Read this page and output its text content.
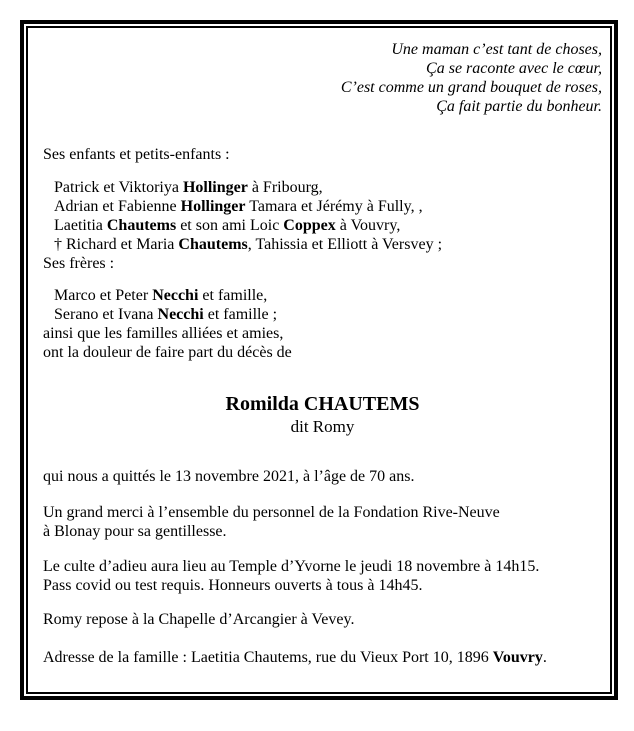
Une maman c’est tant de choses,
Ça se raconte avec le cœur,
C’est comme un grand bouquet de roses,
Ça fait partie du bonheur.
Ses enfants et petits-enfants :
Patrick et Viktoriya Hollinger à Fribourg,
Adrian et Fabienne Hollinger Tamara et Jérémy à Fully, ,
Laetitia Chautems et son ami Loic Coppex à Vouvry,
† Richard et Maria Chautems, Tahissia et Elliott à Versvey ;
Ses frères :
Marco et Peter Necchi et famille,
Serano et Ivana Necchi et famille ;
ainsi que les familles alliées et amies,
ont la douleur de faire part du décès de
Romilda CHAUTEMS
dit Romy
qui nous a quittés le 13 novembre 2021, à l’âge de 70 ans.
Un grand merci à l’ensemble du personnel de la Fondation Rive-Neuve
à Blonay pour sa gentillesse.
Le culte d’adieu aura lieu au Temple d’Yvorne le jeudi 18 novembre à 14h15.
Pass covid ou test requis. Honneurs ouverts à tous à 14h45.
Romy repose à la Chapelle d’Arcangier à Vevey.
Adresse de la famille : Laetitia Chautems, rue du Vieux Port 10, 1896 Vouvry.
